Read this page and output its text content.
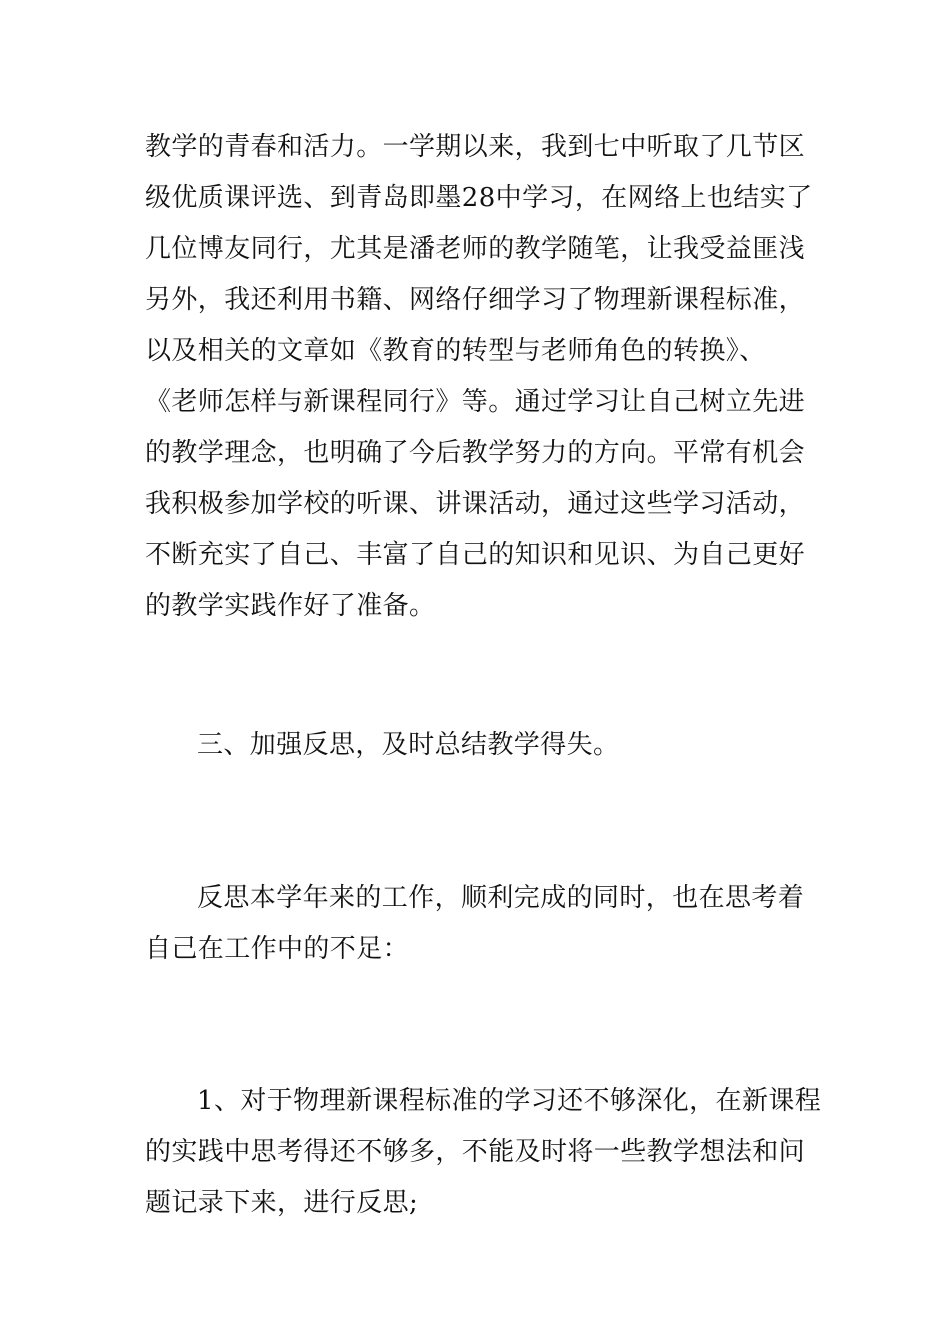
教学的青春和活力。一学期以来，我到七中听取了几节区
级优质课评选、到青岛即墨28中学习，在网络上也结实了
几位博友同行，尤其是潘老师的教学随笔，让我受益匪浅
另外，我还利用书籍、网络仔细学习了物理新课程标准，
以及相关的文章如《教育的转型与老师角色的转换》、
《老师怎样与新课程同行》等。通过学习让自己树立先进
的教学理念，也明确了今后教学努力的方向。平常有机会
我积极参加学校的听课、讲课活动，通过这些学习活动，
不断充实了自己、丰富了自己的知识和见识、为自己更好
的教学实践作好了准备。
三、加强反思，及时总结教学得失。
反思本学年来的工作，顺利完成的同时，也在思考着
自己在工作中的不足：
1、对于物理新课程标准的学习还不够深化，在新课程
的实践中思考得还不够多，不能及时将一些教学想法和问
题记录下来，进行反思;
